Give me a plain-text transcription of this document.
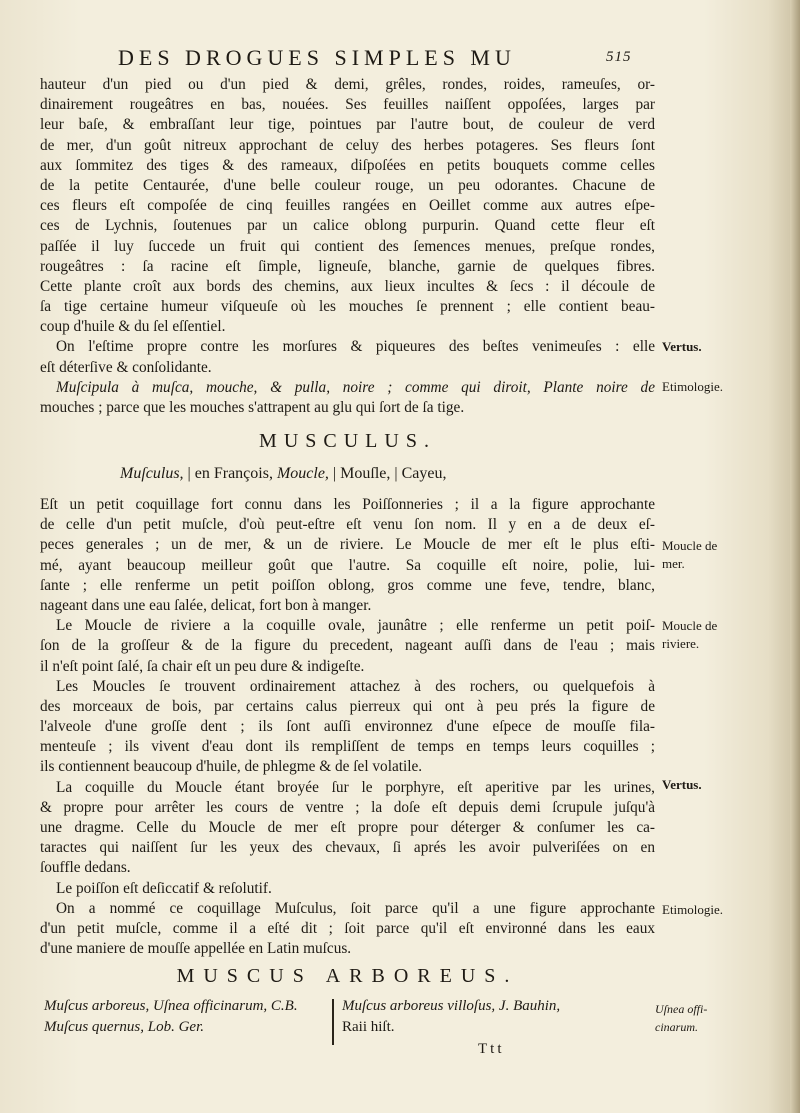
DES DROGUES SIMPLES MU	515
hauteur d'un pied ou d'un pied & demi, grêles, rondes, roides, rameuſes, or-
dinairement rougeâtres en bas, nouées. Ses feuilles naiſſent oppoſées, larges par
leur baſe, & embraſſant leur tige, pointues par l'autre bout, de couleur de verd
de mer, d'un goût nitreux approchant de celuy des herbes potageres. Ses fleurs ſont
aux ſommitez des tiges & des rameaux, diſpoſées en petits bouquets comme celles
de la petite Centaurée, d'une belle couleur rouge, un peu odorantes. Chacune de
ces fleurs eſt compoſée de cinq feuilles rangées en Oeillet comme aux autres eſpe-
ces de Lychnis, ſoutenues par un calice oblong purpurin. Quand cette fleur eſt
paſſée il luy ſuccede un fruit qui contient des ſemences menues, preſque rondes,
rougeâtres : ſa racine eſt ſimple, ligneuſe, blanche, garnie de quelques fibres.
Cette plante croît aux bords des chemins, aux lieux incultes & ſecs : il découle de
ſa tige certaine humeur viſqueuſe où les mouches ſe prennent ; elle contient beau-
coup d'huile & du ſel eſſentiel.
On l'eſtime propre contre les morſures & piqueures des beſtes venimeuſes : elle
eſt déterſive & conſolidante.
Muſcipula à muſca, mouche, & pulla, noire ; comme qui diroit, Plante noire de
mouches ; parce que les mouches s'attrapent au glu qui ſort de ſa tige.
Vertus.
Etimologie.
MUSCULUS.
Muſculus, | en François, Moucle, | Mouſle, | Cayeu,
Eſt un petit coquillage fort connu dans les Poiſſonneries ; il a la figure approchante
de celle d'un petit muſcle, d'où peut-eſtre eſt venu ſon nom. Il y en a de deux eſ-
peces generales ; un de mer, & un de riviere. Le Moucle de mer eſt le plus eſti-
mé, ayant beaucoup meilleur goût que l'autre. Sa coquille eſt noire, polie, lui-
ſante ; elle renferme un petit poiſſon oblong, gros comme une feve, tendre, blanc,
nageant dans une eau ſalée, delicat, fort bon à manger.
Le Moucle de riviere a la coquille ovale, jaunâtre ; elle renferme un petit poiſ-
ſon de la groſſeur & de la figure du precedent, nageant auſſi dans de l'eau ; mais
il n'eſt point ſalé, ſa chair eſt un peu dure & indigeſte.
Les Moucles ſe trouvent ordinairement attachez à des rochers, ou quelquefois à
des morceaux de bois, par certains calus pierreux qui ont à peu prés la figure de
l'alveole d'une groſſe dent ; ils ſont auſſi environnez d'une eſpece de mouſſe fila-
menteuſe ; ils vivent d'eau dont ils rempliſſent de temps en temps leurs coquilles ;
ils contiennent beaucoup d'huile, de phlegme & de ſel volatile.
La coquille du Moucle étant broyée ſur le porphyre, eſt aperitive par les urines,
& propre pour arrêter les cours de ventre ; la doſe eſt depuis demi ſcrupule juſqu'à
une dragme. Celle du Moucle de mer eſt propre pour déterger & conſumer les ca-
taractes qui naiſſent ſur les yeux des chevaux, ſi aprés les avoir pulveriſées on en
ſouffle dedans.
Le poiſſon eſt deſiccatif & reſolutif.
On a nommé ce coquillage Muſculus, ſoit parce qu'il a une figure approchante
d'un petit muſcle, comme il a eſté dit ; ſoit parce qu'il eſt environné dans les eaux
d'une maniere de mouſſe appellée en Latin muſcus.
Moucle de mer.
Moucle de riviere.
Vertus.
Etimologie.
MUSCUS ARBOREUS.
Muſcus arboreus, Uſnea officinarum, C.B.
Muſcus quernus, Lob. Ger.
Muſcus arboreus villoſus, J. Bauhin,
Raii hiſt.
Uſnea offi- cinarum.
Ttt
